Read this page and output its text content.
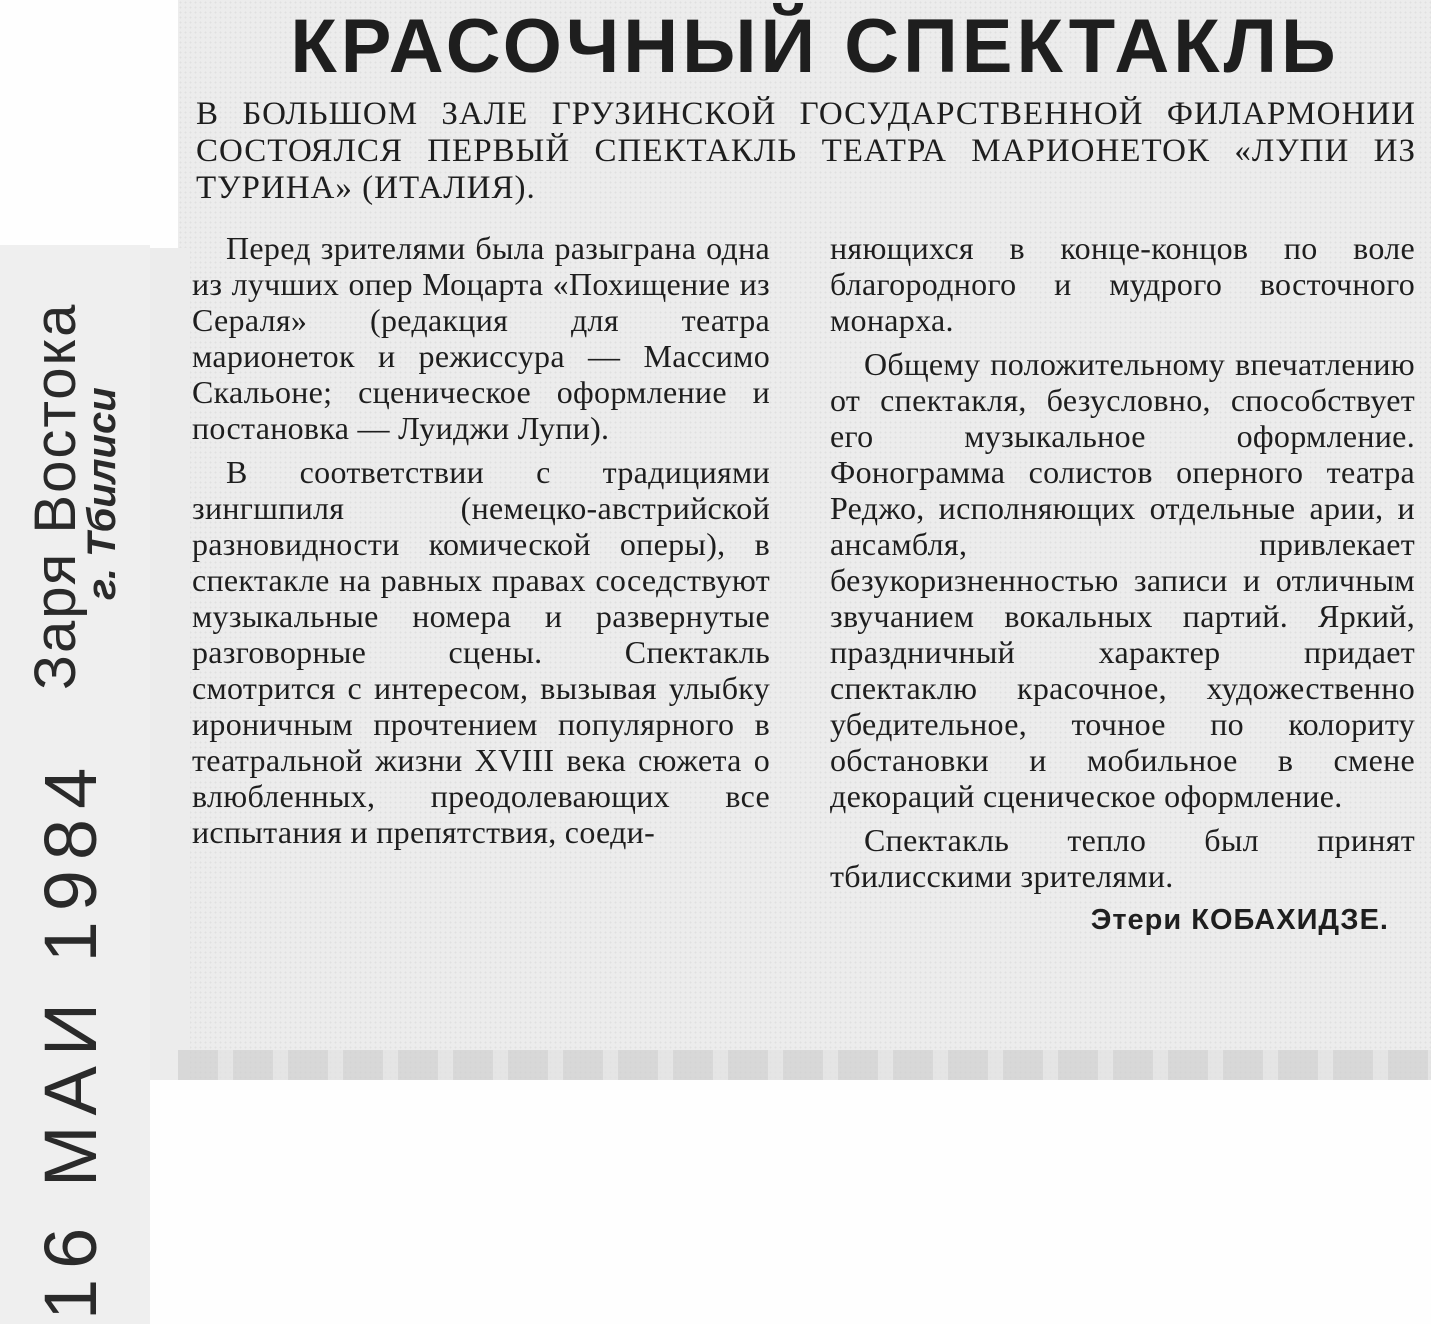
Заря Востока
г. Тбилиси
16 МАИ 1984
КРАСОЧНЫЙ СПЕКТАКЛЬ

В БОЛЬШОМ ЗАЛЕ ГРУЗИНСКОЙ ГОСУДАРСТВЕННОЙ ФИЛАРМОНИИ СОСТОЯЛСЯ ПЕРВЫЙ СПЕКТАКЛЬ ТЕАТРА МАРИОНЕТОК «ЛУПИ ИЗ ТУРИНА» (ИТАЛИЯ).

Перед зрителями была разыграна одна из лучших опер Моцарта «Похищение из Сераля» (редакция для театра марионеток и режиссура — Массимо Скальоне; сценическое оформление и постановка — Луиджи Лупи).

В соответствии с традициями зингшпиля (немецко-австрийской разновидности комической оперы), в спектакле на равных правах соседствуют музыкальные номера и развернутые разговорные сцены. Спектакль смотрится с интересом, вызывая улыбку ироничным прочтением популярного в театральной жизни XVIII века сюжета о влюбленных, преодолевающих все испытания и препятствия, соеди-

няющихся в конце-концов по воле благородного и мудрого восточного монарха.

Общему положительному впечатлению от спектакля, безусловно, способствует его музыкальное оформление. Фонограмма солистов оперного театра Реджо, исполняющих отдельные арии, и ансамбля, привлекает безукоризненностью записи и отличным звучанием вокальных партий. Яркий, праздничный характер придает спектаклю красочное, художественно убедительное, точное по колориту обстановки и мобильное в смене декораций сценическое оформление.

Спектакль тепло был принят тбилисскими зрителями.

Этери КОБАХИДЗЕ.
